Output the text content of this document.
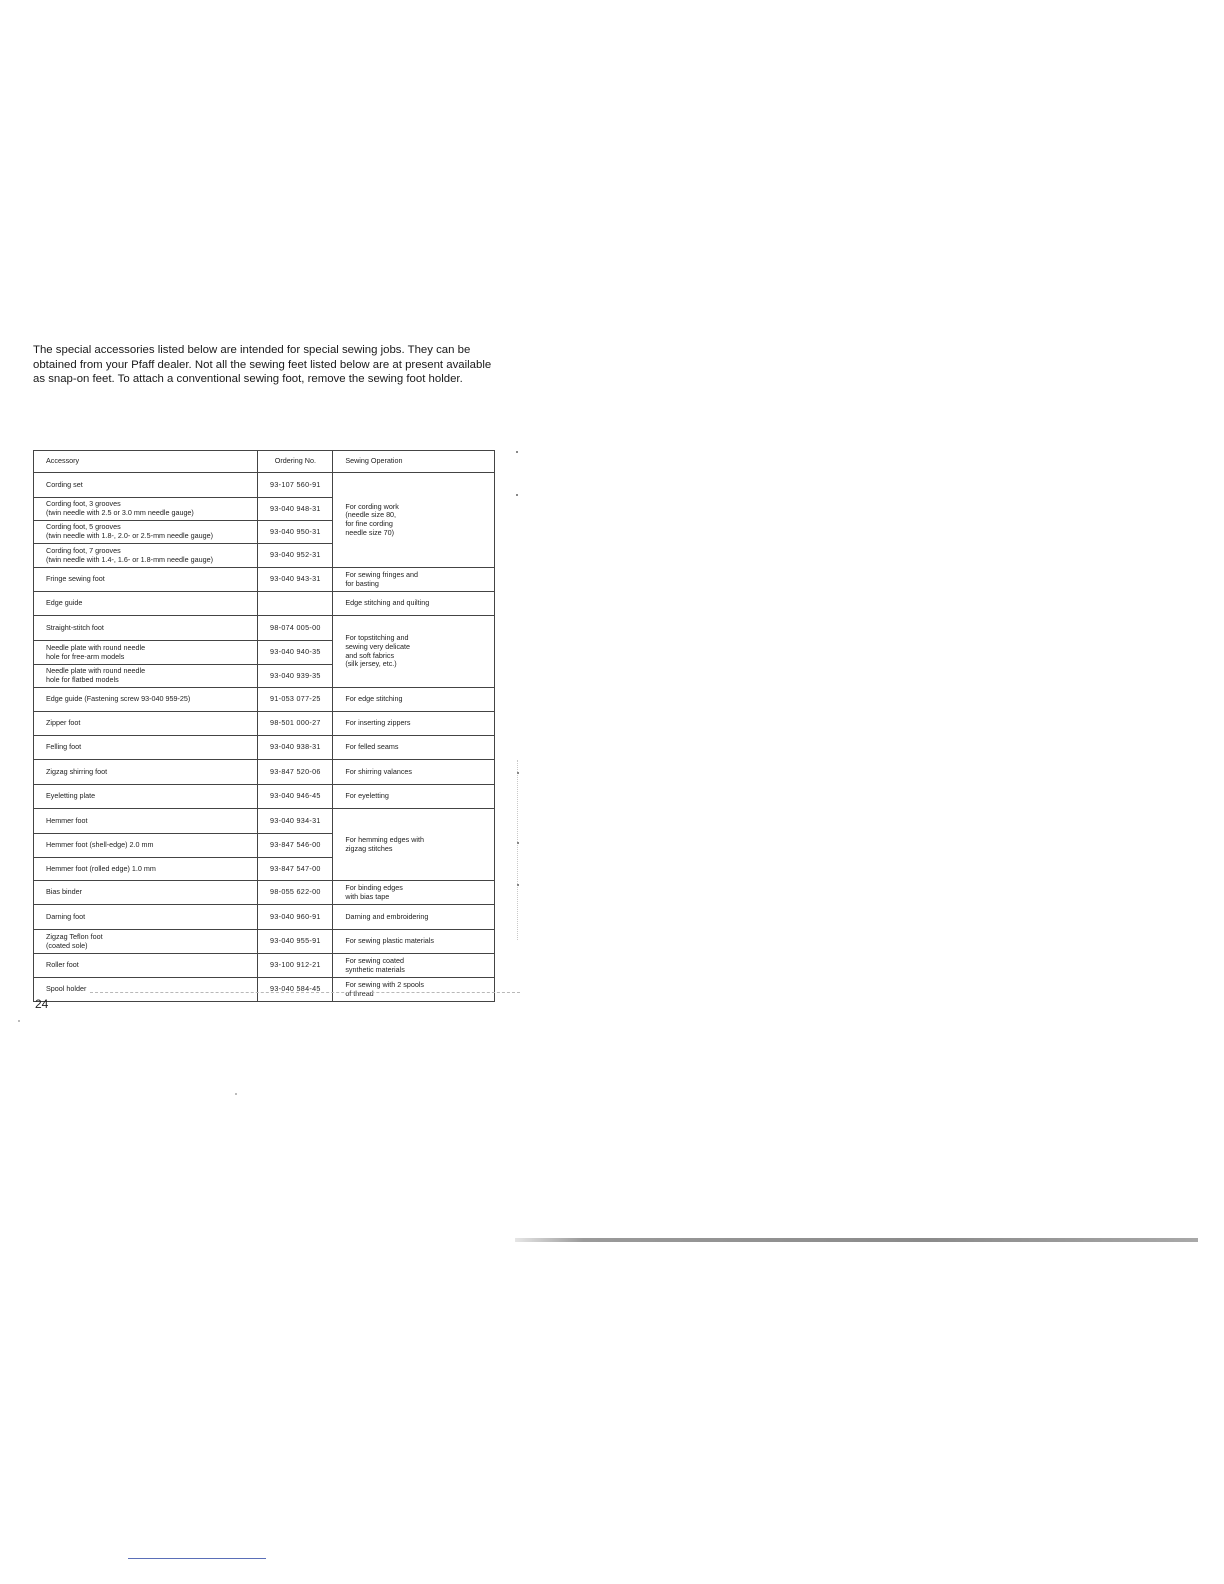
The special accessories listed below are intended for special sewing jobs. They can be obtained from your Pfaff dealer. Not all the sewing feet listed below are at present available as snap-on feet. To attach a conventional sewing foot, remove the sewing foot holder.

Accessory	Ordering No.	Sewing Operation
Cording set	93-107 560-91	For cording work
(needle size 80,
for fine cording
needle size 70)
Cording foot, 3 grooves
(twin needle with 2.5 or 3.0 mm needle gauge)	93-040 948-31	
Cording foot, 5 grooves
(twin needle with 1.8-, 2.0- or 2.5-mm needle gauge)	93-040 950-31	
Cording foot, 7 grooves
(twin needle with 1.4-, 1.6- or 1.8-mm needle gauge)	93-040 952-31	
Fringe sewing foot	93-040 943-31	For sewing fringes and
for basting
Edge guide		Edge stitching and quilting
Straight-stitch foot	98-074 005-00	For topstitching and
sewing very delicate
and soft fabrics
(silk jersey, etc.)
Needle plate with round needle
hole for free-arm models	93-040 940-35	
Needle plate with round needle
hole for flatbed models	93-040 939-35	
Edge guide (Fastening screw 93-040 959-25)	91-053 077-25	For edge stitching
Zipper foot	98-501 000-27	For inserting zippers
Felling foot	93-040 938-31	For felled seams
Zigzag shirring foot	93-847 520-06	For shirring valances
Eyeletting plate	93-040 946-45	For eyeletting
Hemmer foot	93-040 934-31	For hemming edges with
zigzag stitches
Hemmer foot (shell-edge) 2.0 mm	93-847 546-00	
Hemmer foot (rolled edge) 1.0 mm	93-847 547-00	
Bias binder	98-055 622-00	For binding edges
with bias tape
Darning foot	93-040 960-91	Darning and embroidering
Zigzag Teflon foot
(coated sole)	93-040 955-91	For sewing plastic materials
Roller foot	93-100 912-21	For sewing coated
synthetic materials
Spool holder	93-040 584-45	For sewing with 2 spools
of thread
24
